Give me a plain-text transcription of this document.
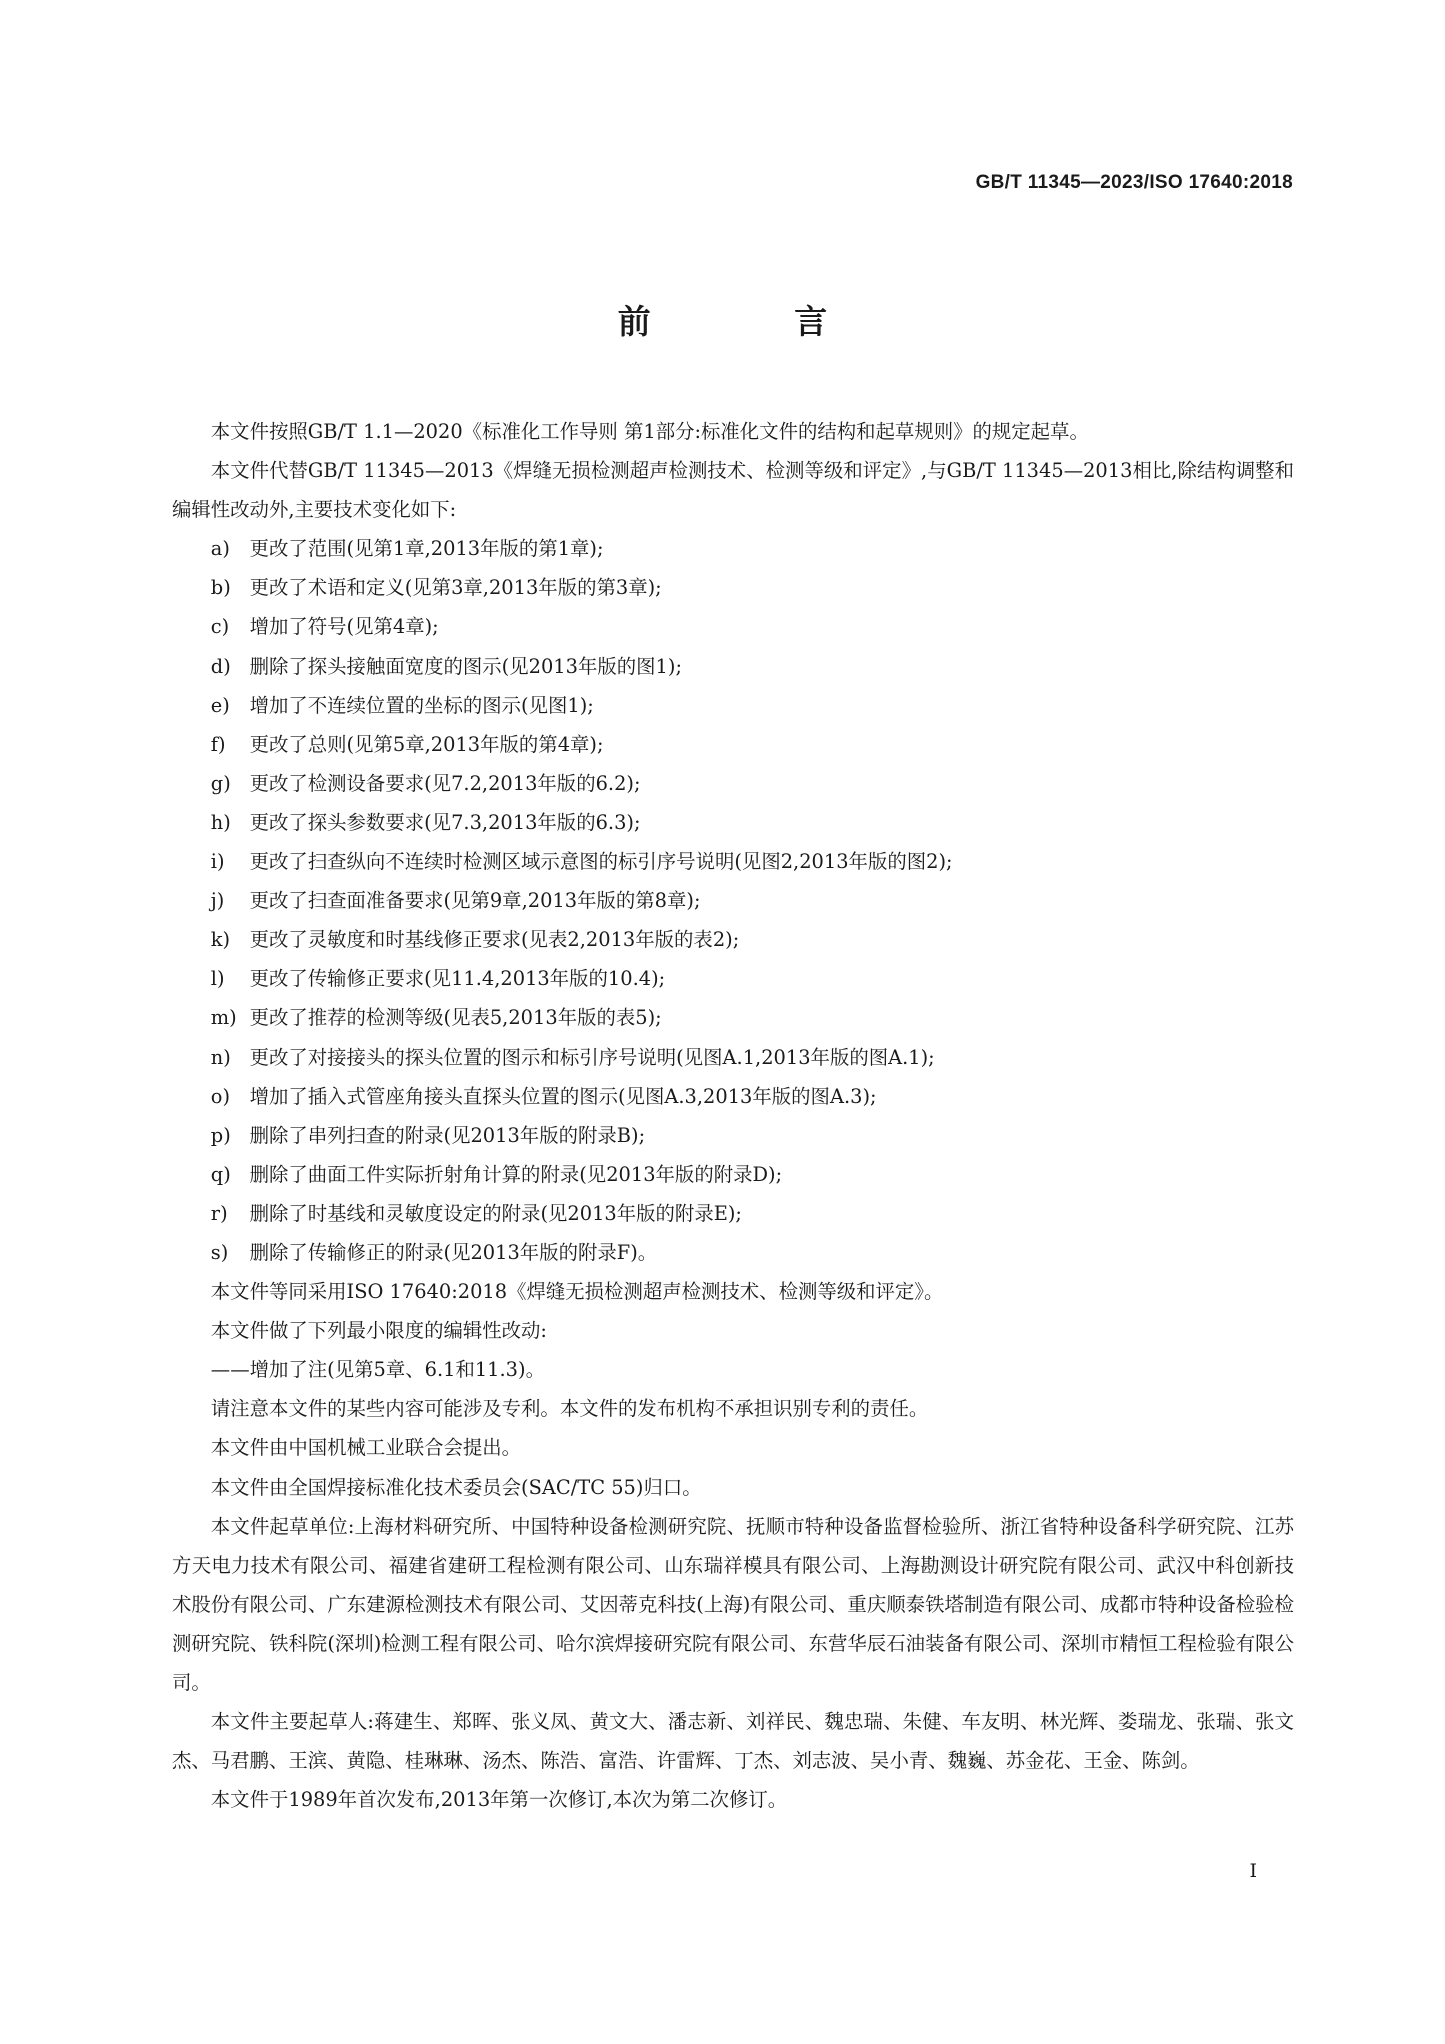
GB/T 11345—2023/ISO 17640:2018
前 言

本文件按照GB/T 1.1—2020《标准化工作导则 第1部分:标准化文件的结构和起草规则》的规定起草。

本文件代替GB/T 11345—2013《焊缝无损检测超声检测技术、检测等级和评定》,与GB/T 11345—2013相比,除结构调整和编辑性改动外,主要技术变化如下:

a) 更改了范围(见第1章,2013年版的第1章);

b) 更改了术语和定义(见第3章,2013年版的第3章);

c) 增加了符号(见第4章);

d) 删除了探头接触面宽度的图示(见2013年版的图1);

e) 增加了不连续位置的坐标的图示(见图1);

f) 更改了总则(见第5章,2013年版的第4章);

g) 更改了检测设备要求(见7.2,2013年版的6.2);

h) 更改了探头参数要求(见7.3,2013年版的6.3);

i) 更改了扫查纵向不连续时检测区域示意图的标引序号说明(见图2,2013年版的图2);

j) 更改了扫查面准备要求(见第9章,2013年版的第8章);

k) 更改了灵敏度和时基线修正要求(见表2,2013年版的表2);

l) 更改了传输修正要求(见11.4,2013年版的10.4);

m) 更改了推荐的检测等级(见表5,2013年版的表5);

n) 更改了对接接头的探头位置的图示和标引序号说明(见图A.1,2013年版的图A.1);

o) 增加了插入式管座角接头直探头位置的图示(见图A.3,2013年版的图A.3);

p) 删除了串列扫查的附录(见2013年版的附录B);

q) 删除了曲面工件实际折射角计算的附录(见2013年版的附录D);

r) 删除了时基线和灵敏度设定的附录(见2013年版的附录E);

s) 删除了传输修正的附录(见2013年版的附录F)。

本文件等同采用ISO 17640:2018《焊缝无损检测超声检测技术、检测等级和评定》。

本文件做了下列最小限度的编辑性改动:

——增加了注(见第5章、6.1和11.3)。

请注意本文件的某些内容可能涉及专利。本文件的发布机构不承担识别专利的责任。

本文件由中国机械工业联合会提出。

本文件由全国焊接标准化技术委员会(SAC/TC 55)归口。

本文件起草单位:上海材料研究所、中国特种设备检测研究院、抚顺市特种设备监督检验所、浙江省特种设备科学研究院、江苏方天电力技术有限公司、福建省建研工程检测有限公司、山东瑞祥模具有限公司、上海勘测设计研究院有限公司、武汉中科创新技术股份有限公司、广东建源检测技术有限公司、艾因蒂克科技(上海)有限公司、重庆顺泰铁塔制造有限公司、成都市特种设备检验检测研究院、铁科院(深圳)检测工程有限公司、哈尔滨焊接研究院有限公司、东营华辰石油装备有限公司、深圳市精恒工程检验有限公司。

本文件主要起草人:蒋建生、郑晖、张义凤、黄文大、潘志新、刘祥民、魏忠瑞、朱健、车友明、林光辉、娄瑞龙、张瑞、张文杰、马君鹏、王滨、黄隐、桂琳琳、汤杰、陈浩、富浩、许雷辉、丁杰、刘志波、吴小青、魏巍、苏金花、王金、陈剑。

本文件于1989年首次发布,2013年第一次修订,本次为第二次修订。

I
